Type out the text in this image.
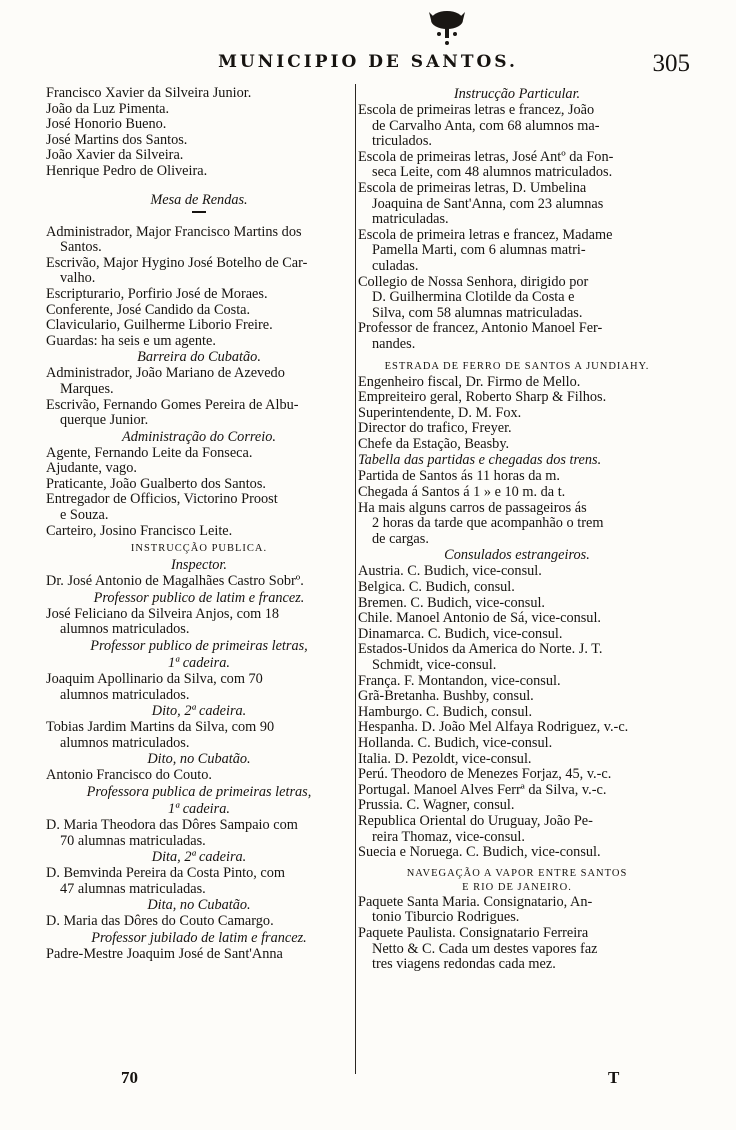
MUNICIPIO DE SANTOS.	305
Francisco Xavier da Silveira Junior.
João da Luz Pimenta.
José Honorio Bueno.
José Martins dos Santos.
João Xavier da Silveira.
Henrique Pedro de Oliveira.
Mesa de Rendas.
Administrador, Major Francisco Martins dos
Santos.
Escrivão, Major Hygino José Botelho de Car-
valho.
Escripturario, Porfirio José de Moraes.
Conferente, José Candido da Costa.
Claviculario, Guilherme Liborio Freire.
Guardas: ha seis e um agente.
Barreira do Cubatão.
Administrador, João Mariano de Azevedo
Marques.
Escrivão, Fernando Gomes Pereira de Albu-
querque Junior.
Administração do Correio.
Agente, Fernando Leite da Fonseca.
Ajudante, vago.
Praticante, João Gualberto dos Santos.
Entregador de Officios, Victorino Proost
e Souza.
Carteiro, Josino Francisco Leite.
INSTRUCÇÃO PUBLICA.
Inspector.
Dr. José Antonio de Magalhães Castro Sobrº.
Professor publico de latim e francez.
José Feliciano da Silveira Anjos, com 18
alumnos matriculados.
Professor publico de primeiras letras,
1ª cadeira.
Joaquim Apollinario da Silva, com 70
alumnos matriculados.
Dito, 2ª cadeira.
Tobias Jardim Martins da Silva, com 90
alumnos matriculados.
Dito, no Cubatão.
Antonio Francisco do Couto.
Professora publica de primeiras letras,
1ª cadeira.
D. Maria Theodora das Dôres Sampaio com
70 alumnas matriculadas.
Dita, 2ª cadeira.
D. Bemvinda Pereira da Costa Pinto, com
47 alumnas matriculadas.
Dita, no Cubatão.
D. Maria das Dôres do Couto Camargo.
Professor jubilado de latim e francez.
Padre-Mestre Joaquim José de Sant'Anna
Instrucção Particular.
Escola de primeiras letras e francez, João
de Carvalho Anta, com 68 alumnos ma-
triculados.
Escola de primeiras letras, José Antº da Fon-
seca Leite, com 48 alumnos matriculados.
Escola de primeiras letras, D. Umbelina
Joaquina de Sant'Anna, com 23 alumnas
matriculadas.
Escola de primeira letras e francez, Madame
Pamella Marti, com 6 alumnas matri-
culadas.
Collegio de Nossa Senhora, dirigido por
D. Guilhermina Clotilde da Costa e
Silva, com 58 alumnas matriculadas.
Professor de francez, Antonio Manoel Fer-
nandes.
ESTRADA DE FERRO DE SANTOS A JUNDIAHY.
Engenheiro fiscal, Dr. Firmo de Mello.
Empreiteiro geral, Roberto Sharp & Filhos.
Superintendente, D. M. Fox.
Director do trafico, Freyer.
Chefe da Estação, Beasby.
Tabella das partidas e chegadas dos trens.
Partida de Santos ás 11 horas da m.
Chegada á Santos á 1 » e 10 m. da t.
Ha mais alguns carros de passageiros ás
2 horas da tarde que acompanhão o trem
de cargas.
Consulados estrangeiros.
Austria. C. Budich, vice-consul.
Belgica. C. Budich, consul.
Bremen. C. Budich, vice-consul.
Chile. Manoel Antonio de Sá, vice-consul.
Dinamarca. C. Budich, vice-consul.
Estados-Unidos da America do Norte. J. T.
Schmidt, vice-consul.
França. F. Montandon, vice-consul.
Grã-Bretanha. Bushby, consul.
Hamburgo. C. Budich, consul.
Hespanha. D. João Mel Alfaya Rodriguez, v.-c.
Hollanda. C. Budich, vice-consul.
Italia. D. Pezoldt, vice-consul.
Perú. Theodoro de Menezes Forjaz, 45, v.-c.
Portugal. Manoel Alves Ferrª da Silva, v.-c.
Prussia. C. Wagner, consul.
Republica Oriental do Uruguay, João Pe-
reira Thomaz, vice-consul.
Suecia e Noruega. C. Budich, vice-consul.
NAVEGAÇÃO A VAPOR ENTRE SANTOS
E RIO DE JANEIRO.
Paquete Santa Maria. Consignatario, An-
tonio Tiburcio Rodrigues.
Paquete Paulista. Consignatario Ferreira
Netto & C. Cada um destes vapores faz
tres viagens redondas cada mez.
70	T
